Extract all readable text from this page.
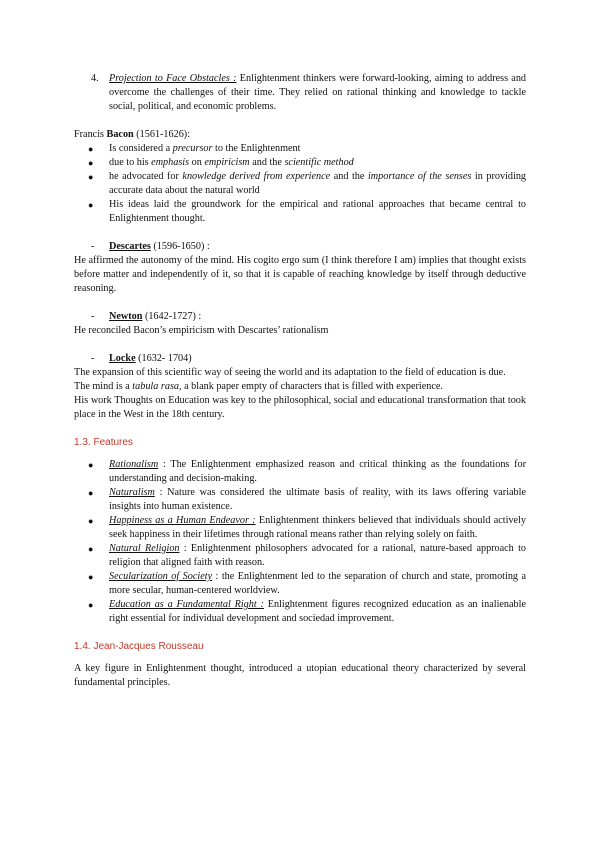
4. Projection to Face Obstacles : Enlightenment thinkers were forward-looking, aiming to address and overcome the challenges of their time. They relied on rational thinking and knowledge to tackle social, political, and economic problems.

Francis Bacon (1561-1626):

● Is considered a precursor to the Enlightenment
● due to his emphasis on empiricism and the scientific method
● he advocated for knowledge derived from experience and the importance of the senses in providing accurate data about the natural world
● His ideas laid the groundwork for the empirical and rational approaches that became central to Enlightenment thought.

- Descartes (1596-1650) :

He affirmed the autonomy of the mind. His cogito ergo sum (I think therefore I am) implies that thought exists before matter and independently of it, so that it is capable of reaching knowledge by itself through deductive reasoning.

- Newton (1642-1727) :

He reconciled Bacon’s empiricism with Descartes’ rationalism

- Locke (1632- 1704)

The expansion of this scientific way of seeing the world and its adaptation to the field of education is due.

The mind is a tabula rasa, a blank paper empty of characters that is filled with experience.

His work Thoughts on Education was key to the philosophical, social and educational transformation that took place in the West in the 18th century.

1.3. Features

● Rationalism : The Enlightenment emphasized reason and critical thinking as the foundations for understanding and decision-making.
● Naturalism : Nature was considered the ultimate basis of reality, with its laws offering variable insights into human existence.
● Happiness as a Human Endeavor : Enlightenment thinkers believed that individuals should actively seek happiness in their lifetimes through rational means rather than relying solely on faith.
● Natural Religion : Enlightenment philosophers advocated for a rational, nature-based approach to religion that aligned faith with reason.
● Secularization of Society : the Enlightenment led to the separation of church and state, promoting a more secular, human-centered worldview.
● Education as a Fundamental Right : Enlightenment figures recognized education as an inalienable right essential for individual development and sociedad improvement.

1.4. Jean-Jacques Rousseau

A key figure in Enlightenment thought, introduced a utopian educational theory characterized by several fundamental principles.
